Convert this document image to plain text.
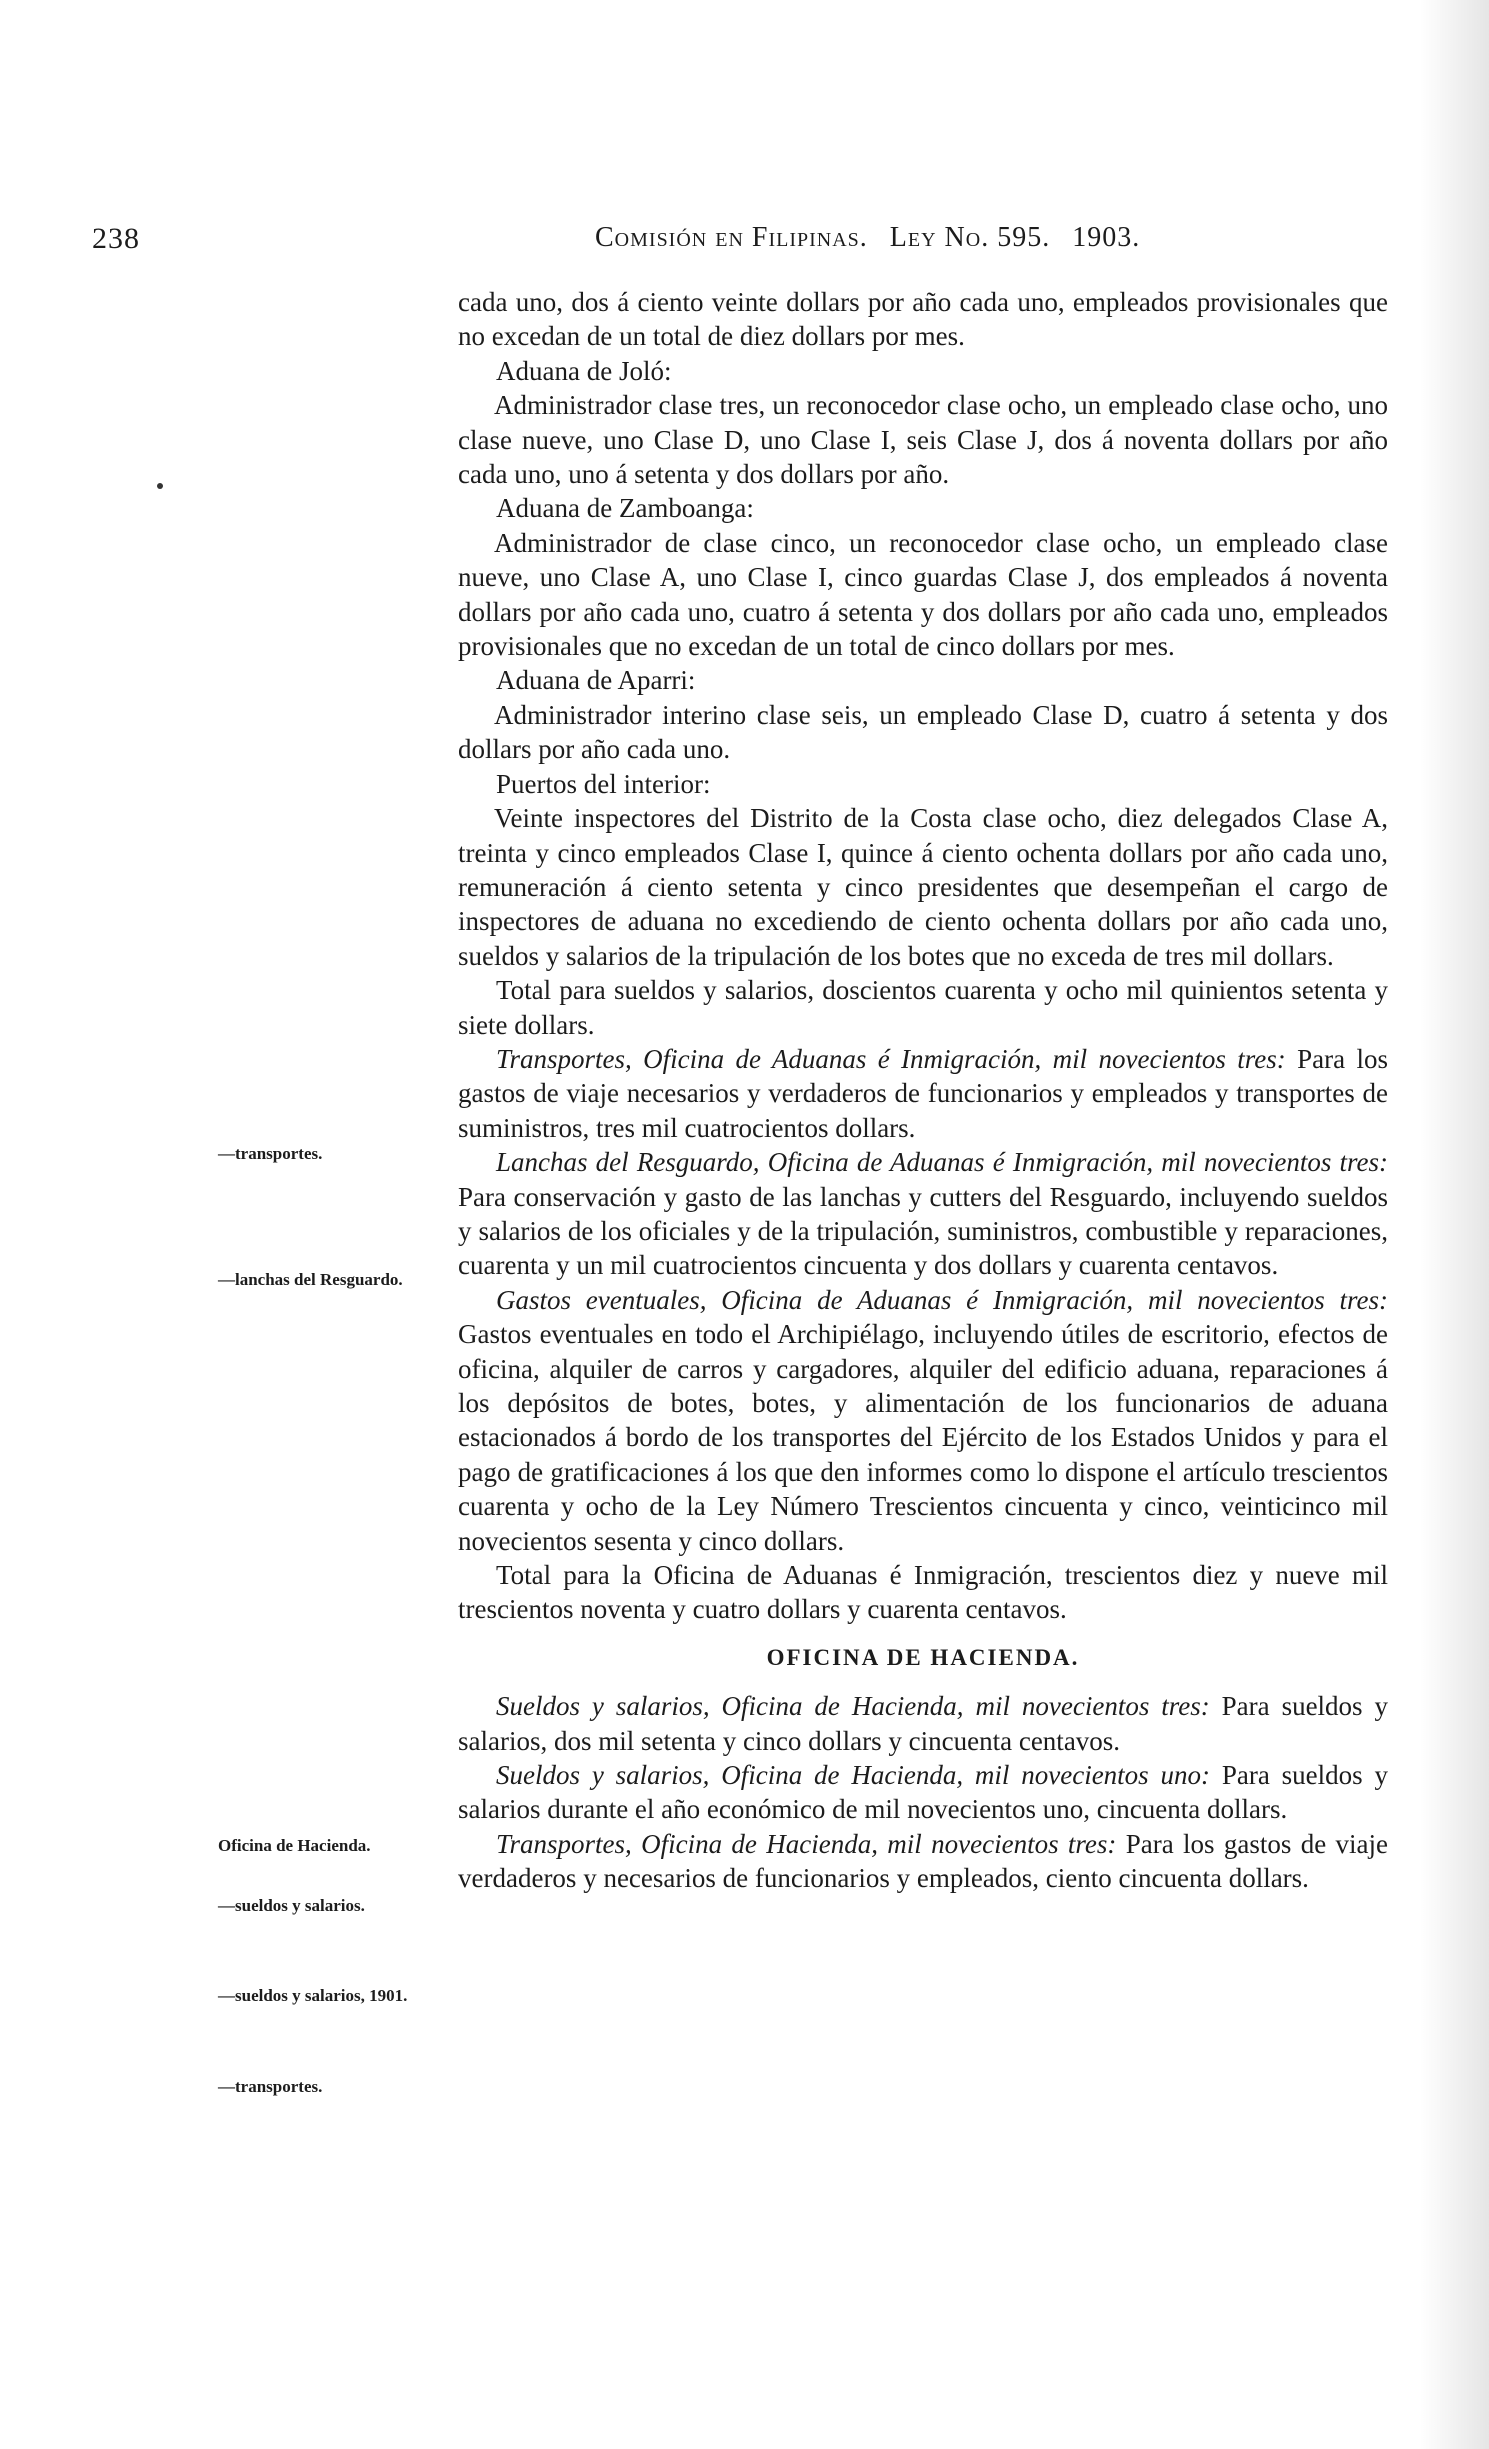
238	Comisión en Filipinas. Ley No. 595. 1903.
—transportes.
—lanchas del Resguardo.
Oficina de Hacienda.
—sueldos y salarios.
—sueldos y salarios, 1901.
—transportes.

cada uno, dos á ciento veinte dollars por año cada uno, empleados provisionales que no excedan de un total de diez dollars por mes.

Aduana de Joló:

Administrador clase tres, un reconocedor clase ocho, un empleado clase ocho, uno clase nueve, uno Clase D, uno Clase I, seis Clase J, dos á noventa dollars por año cada uno, uno á setenta y dos dollars por año.

Aduana de Zamboanga:

Administrador de clase cinco, un reconocedor clase ocho, un empleado clase nueve, uno Clase A, uno Clase I, cinco guardas Clase J, dos empleados á noventa dollars por año cada uno, cuatro á setenta y dos dollars por año cada uno, empleados provisionales que no excedan de un total de cinco dollars por mes.

Aduana de Aparri:

Administrador interino clase seis, un empleado Clase D, cuatro á setenta y dos dollars por año cada uno.

Puertos del interior:

Veinte inspectores del Distrito de la Costa clase ocho, diez delegados Clase A, treinta y cinco empleados Clase I, quince á ciento ochenta dollars por año cada uno, remuneración á ciento setenta y cinco presidentes que desempeñan el cargo de inspectores de aduana no excediendo de ciento ochenta dollars por año cada uno, sueldos y salarios de la tripulación de los botes que no exceda de tres mil dollars.

Total para sueldos y salarios, doscientos cuarenta y ocho mil quinientos setenta y siete dollars.

Transportes, Oficina de Aduanas é Inmigración, mil novecientos tres: Para los gastos de viaje necesarios y verdaderos de funcionarios y empleados y transportes de suministros, tres mil cuatrocientos dollars.

Lanchas del Resguardo, Oficina de Aduanas é Inmigración, mil novecientos tres: Para conservación y gasto de las lanchas y cutters del Resguardo, incluyendo sueldos y salarios de los oficiales y de la tripulación, suministros, combustible y reparaciones, cuarenta y un mil cuatrocientos cincuenta y dos dollars y cuarenta centavos.

Gastos eventuales, Oficina de Aduanas é Inmigración, mil novecientos tres: Gastos eventuales en todo el Archipiélago, incluyendo útiles de escritorio, efectos de oficina, alquiler de carros y cargadores, alquiler del edificio aduana, reparaciones á los depósitos de botes, botes, y alimentación de los funcionarios de aduana estacionados á bordo de los transportes del Ejército de los Estados Unidos y para el pago de gratificaciones á los que den informes como lo dispone el artículo trescientos cuarenta y ocho de la Ley Número Trescientos cincuenta y cinco, veinticinco mil novecientos sesenta y cinco dollars.

Total para la Oficina de Aduanas é Inmigración, trescientos diez y nueve mil trescientos noventa y cuatro dollars y cuarenta centavos.

OFICINA DE HACIENDA.

Sueldos y salarios, Oficina de Hacienda, mil novecientos tres: Para sueldos y salarios, dos mil setenta y cinco dollars y cincuenta centavos.

Sueldos y salarios, Oficina de Hacienda, mil novecientos uno: Para sueldos y salarios durante el año económico de mil novecientos uno, cincuenta dollars.

Transportes, Oficina de Hacienda, mil novecientos tres: Para los gastos de viaje verdaderos y necesarios de funcionarios y empleados, ciento cincuenta dollars.
